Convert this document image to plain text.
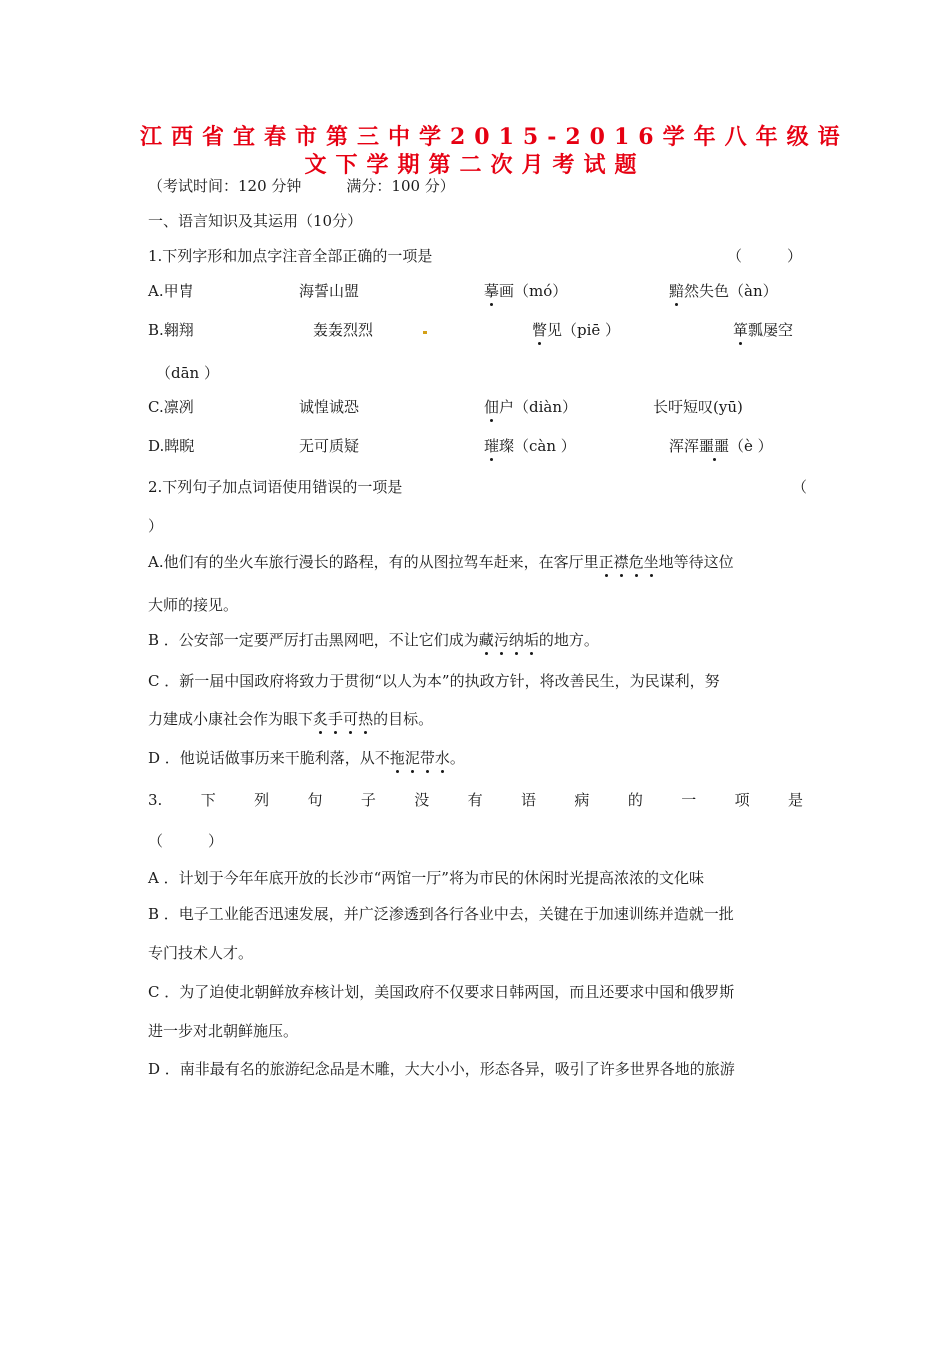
江西省宜春市第三中学2015-2016学年八年级语
文下学期第二次月考试题
（考试时间：120 分钟　　　满分：100 分）
一、语言知识及其运用（10分）
1.下列字形和加点字注音全部正确的一项是	（　　　）
A.甲胄	海誓山盟	摹画（mó）	黯然失色（àn）
B.翱翔	轰轰烈烈	瞥见（piē ）	箪瓢屡空
（dān ）
C.凛冽	诚惶诚恐	佃户（diàn）	长吁短叹(yū)
D.睥睨	无可质疑	璀璨（càn ）	浑浑噩噩（è ）
2.下列句子加点词语使用错误的一项是	（
）
A.他们有的坐火车旅行漫长的路程，有的从图拉驾车赶来，在客厅里正襟危坐地等待这位
大师的接见。
B ．公安部一定要严厉打击黑网吧，不让它们成为藏污纳垢的地方。
C ．新一届中国政府将致力于贯彻“以人为本”的执政方针，将改善民生，为民谋利，努
力建成小康社会作为眼下炙手可热的目标。
D ．他说话做事历来干脆利落，从不拖泥带水。
3.	下	列	句	子	没	有	语	病	的	一	项	是
（　　　）
A ．计划于今年年底开放的长沙市“两馆一厅”将为市民的休闲时光提高浓浓的文化味
B ．电子工业能否迅速发展，并广泛渗透到各行各业中去，关键在于加速训练并造就一批
专门技术人才。
C ．为了迫使北朝鲜放弃核计划，美国政府不仅要求日韩两国，而且还要求中国和俄罗斯
进一步对北朝鲜施压。
D ．南非最有名的旅游纪念品是木雕，大大小小，形态各异，吸引了许多世界各地的旅游
